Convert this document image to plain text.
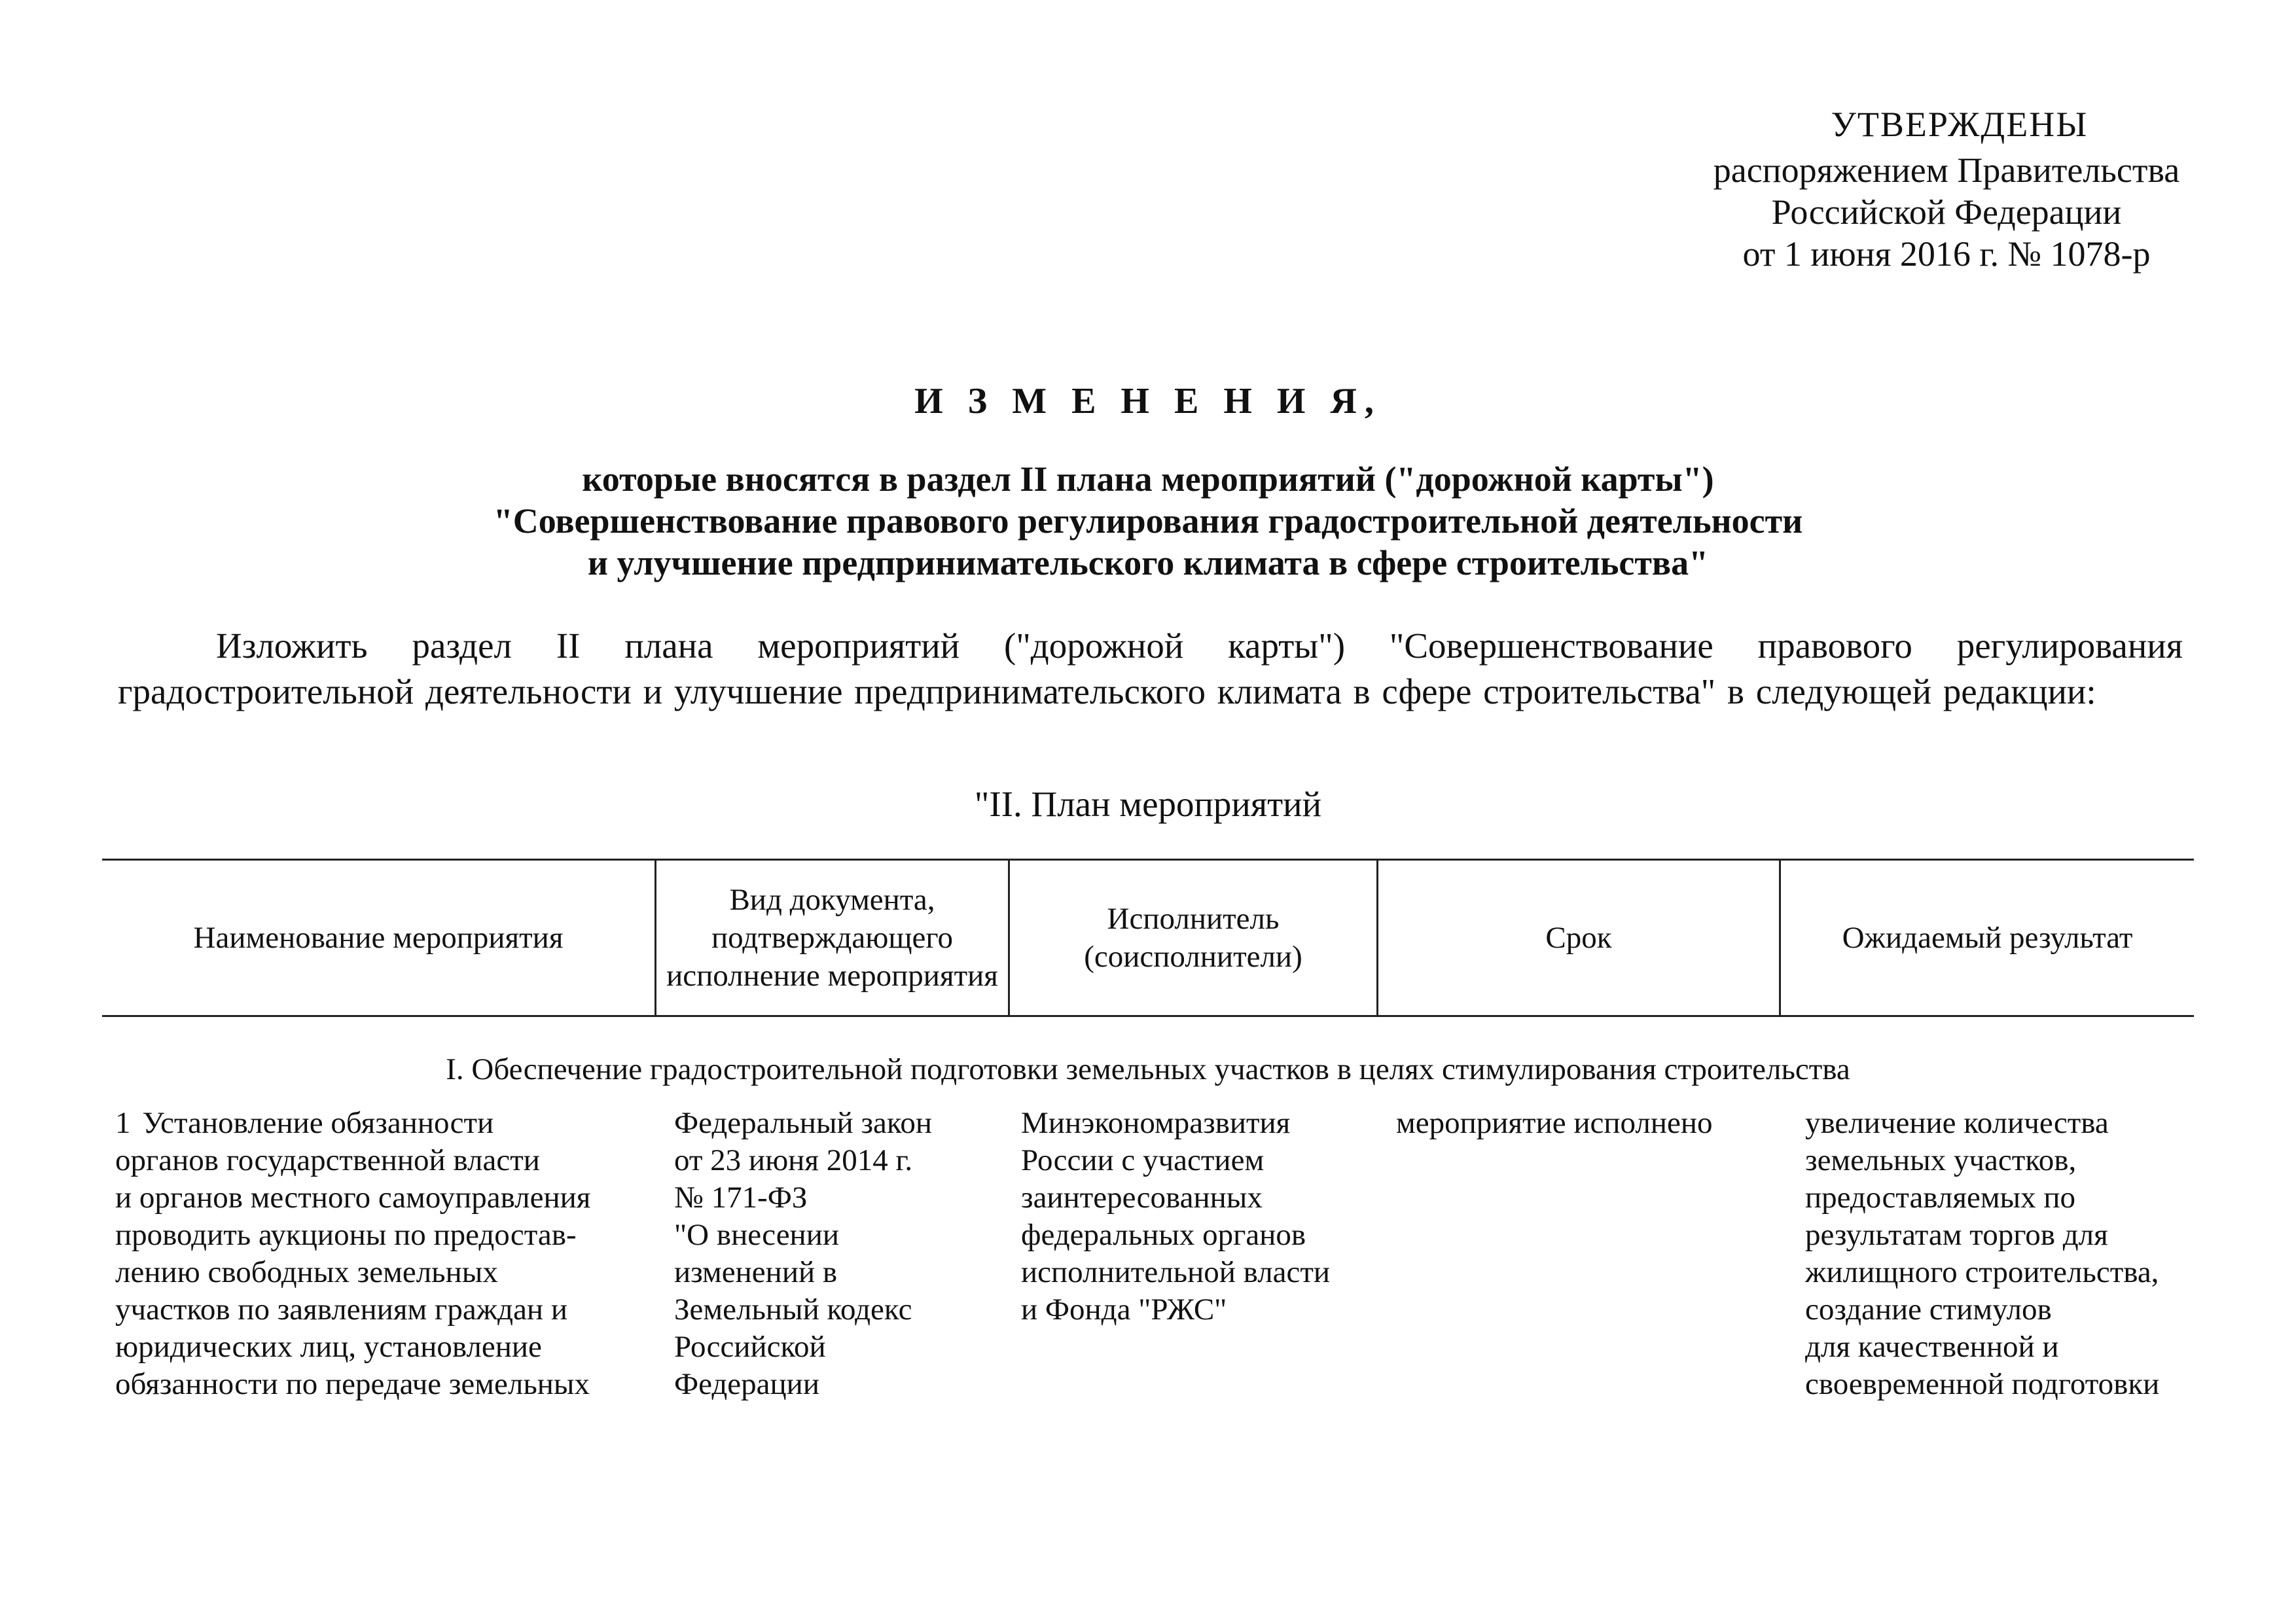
УТВЕРЖДЕНЫ
распоряжением Правительства
Российской Федерации
от 1 июня 2016 г. № 1078-р
И З М Е Н Е Н И Я,
которые вносятся в раздел II плана мероприятий ("дорожной карты")
"Совершенствование правового регулирования градостроительной деятельности
и улучшение предпринимательского климата в сфере строительства"
Изложить раздел II плана мероприятий ("дорожной карты") "Совершенствование правового регулирования градостроительной деятельности и улучшение предпринимательского климата в сфере строительства" в следующей редакции:
"II. План мероприятий
Наименование мероприятия
Вид документа, подтверждающего исполнение мероприятия
Исполнитель (соисполнители)
Срок	Ожидаемый результат
I. Обеспечение градостроительной подготовки земельных участков в целях стимулирования строительства
1 Установление обязанности
органов государственной власти
и органов местного самоуправления
проводить аукционы по предостав-
лению свободных земельных
участков по заявлениям граждан и
юридических лиц, установление
обязанности по передаче земельных
Федеральный закон
от 23 июня 2014 г.
№ 171-ФЗ
"О внесении
изменений в
Земельный кодекс
Российской
Федерации
Минэкономразвития
России с участием
заинтересованных
федеральных органов
исполнительной власти
и Фонда "РЖС"
мероприятие исполнено	увеличение количества
земельных участков,
предоставляемых по
результатам торгов для
жилищного строительства,
создание стимулов
для качественной и
своевременной подготовки
